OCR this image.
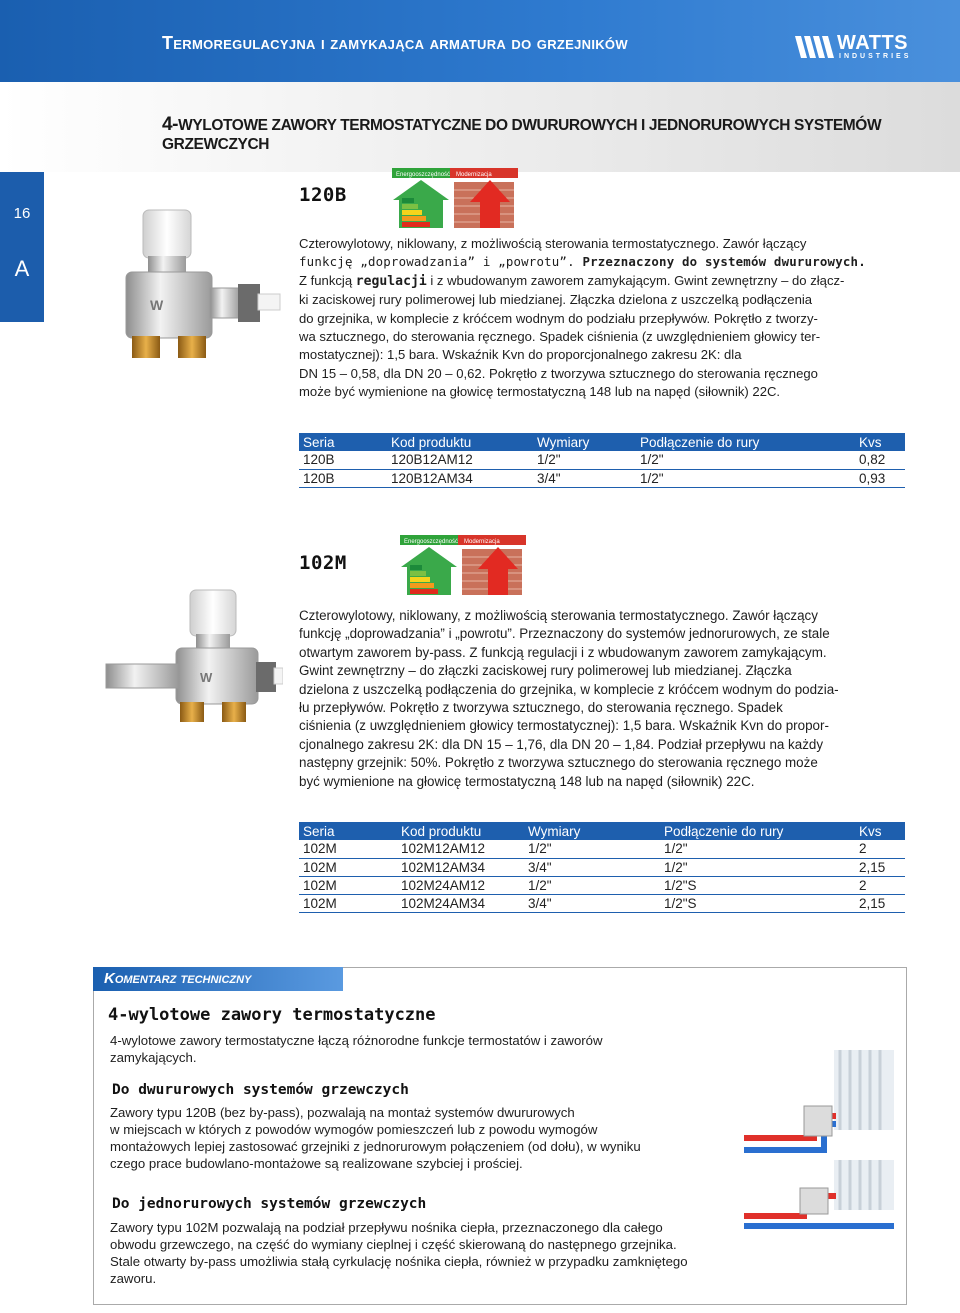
Termoregulacyjna i zamykająca armatura do grzejników	WATTS
INDUSTRIES
4-WYLOTOWE ZAWORY TERMOSTATYCZNE DO DWURUROWYCH I JEDNORUROWYCH SYSTEMÓW GRZEWCZYCH
16
A
W
Energooszczędność Modernizacja
120B
Czterowylotowy, niklowany, z możliwością sterowania termostatycznego. Zawór łączący
funkcję „doprowadzania” i „powrotu”. Przeznaczony do systemów dwururowych.
Z funkcją regulacji i z wbudowanym zaworem zamykającym. Gwint zewnętrzny – do złącz-
ki zaciskowej rury polimerowej lub miedzianej. Złączka dzielona z uszczelką podłączenia
do grzejnika, w komplecie z króćcem wodnym do podziału przepływów. Pokrętło z tworzy-
wa sztucznego, do sterowania ręcznego. Spadek ciśnienia (z uwzględnieniem głowicy ter-
mostatycznej): 1,5 bara. Wskaźnik Kvn do proporcjonalnego zakresu 2K: dla
DN 15 – 0,58, dla DN 20 – 0,62. Pokrętło z tworzywa sztucznego do sterowania ręcznego
może być wymienione na głowicę termostatyczną 148 lub na napęd (siłownik) 22C.
Seria	Kod produktu	Wymiary	Podłączenie do rury	Kvs
120B	120B12AM12	1/2"	1/2"	0,82
120B	120B12AM34	3/4"	1/2"	0,93
W
Energooszczędność Modernizacja
102M
Czterowylotowy, niklowany, z możliwością sterowania termostatycznego. Zawór łączący
funkcję „doprowadzania” i „powrotu”. Przeznaczony do systemów jednorurowych, ze stale
otwartym zaworem by-pass. Z funkcją regulacji i z wbudowanym zaworem zamykającym.
Gwint zewnętrzny – do złączki zaciskowej rury polimerowej lub miedzianej. Złączka
dzielona z uszczelką podłączenia do grzejnika, w komplecie z króćcem wodnym do podzia-
łu przepływów. Pokrętło z tworzywa sztucznego, do sterowania ręcznego. Spadek
ciśnienia (z uwzględnieniem głowicy termostatycznej): 1,5 bara. Wskaźnik Kvn do propor-
cjonalnego zakresu 2K: dla DN 15 – 1,76, dla DN 20 – 1,84. Podział przepływu na każdy
następny grzejnik: 50%. Pokrętło z tworzywa sztucznego do sterowania ręcznego może
być wymienione na głowicę termostatyczną 148 lub na napęd (siłownik) 22C.
Seria	Kod produktu	Wymiary	Podłączenie do rury	Kvs
102M	102M12AM12	1/2"	1/2"	2
102M	102M12AM34	3/4"	1/2"	2,15
102M	102M24AM12	1/2"	1/2"S	2
102M	102M24AM34	3/4"	1/2"S	2,15
Komentarz techniczny
4-wylotowe zawory termostatyczne
4-wylotowe zawory termostatyczne łączą różnorodne funkcje termostatów i zaworów
zamykających.
Do dwururowych systemów grzewczych
Zawory typu 120B (bez by-pass), pozwalają na montaż systemów dwururowych
w miejscach w których z powodów wymogów pomieszczeń lub z powodu wymogów
montażowych lepiej zastosować grzejniki z jednorurowym połączeniem (od dołu), w wyniku
czego prace budowlano-montażowe są realizowane szybciej i prościej.
Do jednorurowych systemów grzewczych
Zawory typu 102M pozwalają na podział przepływu nośnika ciepła, przeznaczonego dla całego
obwodu grzewczego, na część do wymiany cieplnej i część skierowaną do następnego grzejnika.
Stale otwarty by-pass umożliwia stałą cyrkulację nośnika ciepła, również w przypadku zamkniętego
zaworu.
